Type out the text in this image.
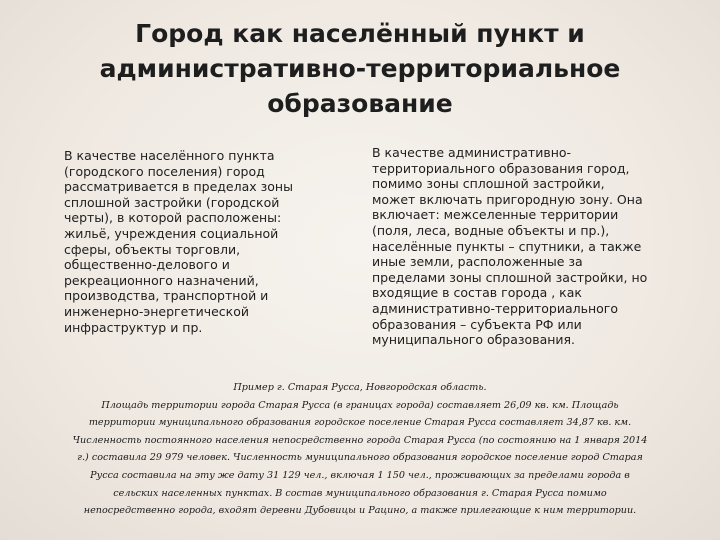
Город как населённый пункт и
административно-территориальное
образование
В качестве населённого пункта
(городского поселения) город
рассматривается в пределах зоны
сплошной застройки (городской
черты), в которой расположены:
жильё, учреждения социальной
сферы, объекты торговли,
общественно-делового и
рекреационного назначений,
производства, транспортной и
инженерно-энергетической
инфраструктур и пр.
В качестве административно-
территориального образования город,
помимо зоны сплошной застройки,
может включать пригородную зону. Она
включает: межселенные территории
(поля, леса, водные объекты и пр.),
населённые пункты – спутники, а также
иные земли, расположенные за
пределами зоны сплошной застройки, но
входящие в состав города , как
административно-территориального
образования – субъекта РФ или
муниципального образования.
Пример г. Старая Русса, Новгородская область.
Площадь территории города Старая Русса (в границах города) составляет 26,09 кв. км. Площадь
территории муниципального образования городское поселение Старая Русса составляет 34,87 кв. км.
Численность постоянного населения непосредственно города Старая Русса (по состоянию на 1 января 2014
г.) составила 29 979 человек. Численность муниципального образования городское поселение город Старая
Русса составила на эту же дату 31 129 чел., включая 1 150 чел., проживающих за пределами города в
сельских населенных пунктах. В состав муниципального образования г. Старая Русса помимо
непосредственно города, входят деревни Дубовицы и Рацино, а также прилегающие к ним территории.
